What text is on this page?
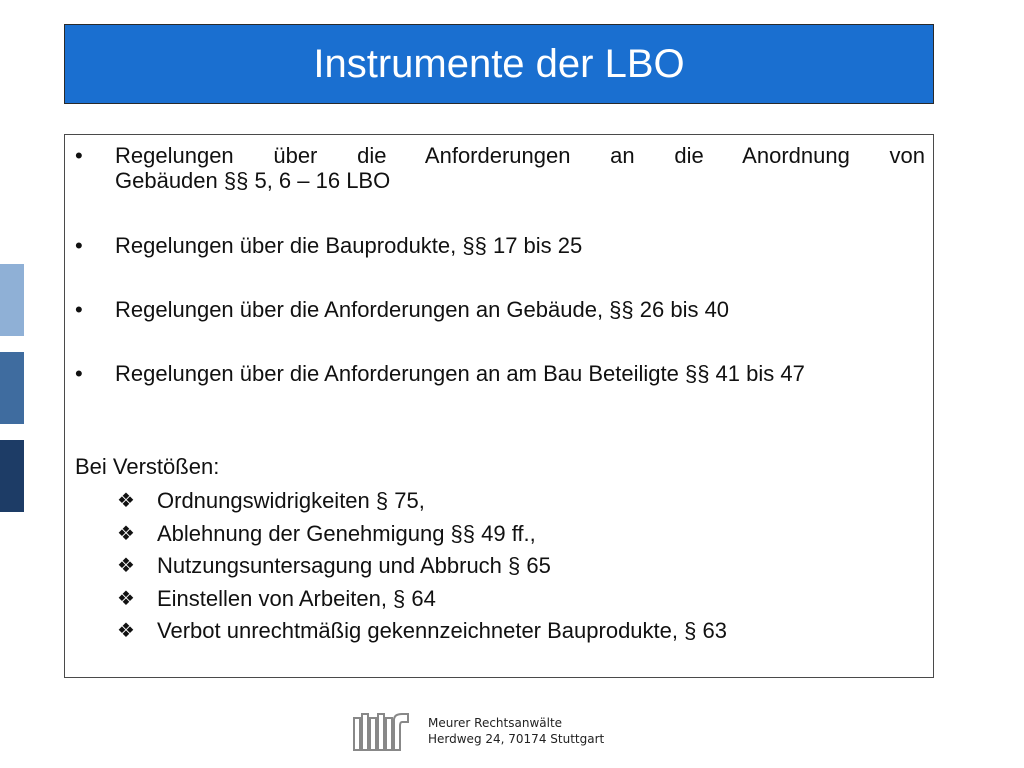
Instrumente der LBO
• Regelungen über die Anforderungen an die Anordnung von
Gebäuden §§ 5, 6 – 16 LBO
• Regelungen über die Bauprodukte, §§ 17 bis 25
• Regelungen über die Anforderungen an Gebäude, §§ 26 bis 40
• Regelungen über die Anforderungen an am Bau Beteiligte §§ 41 bis 47

Bei Verstößen:

❖	Ordnungswidrigkeiten § 75,
❖	Ablehnung der Genehmigung §§ 49 ff.,
❖	Nutzungsuntersagung und Abbruch § 65
❖	Einstellen von Arbeiten, § 64
❖	Verbot unrechtmäßig gekennzeichneter Bauprodukte, § 63
Meurer Rechtsanwälte
Herdweg 24, 70174 Stuttgart
